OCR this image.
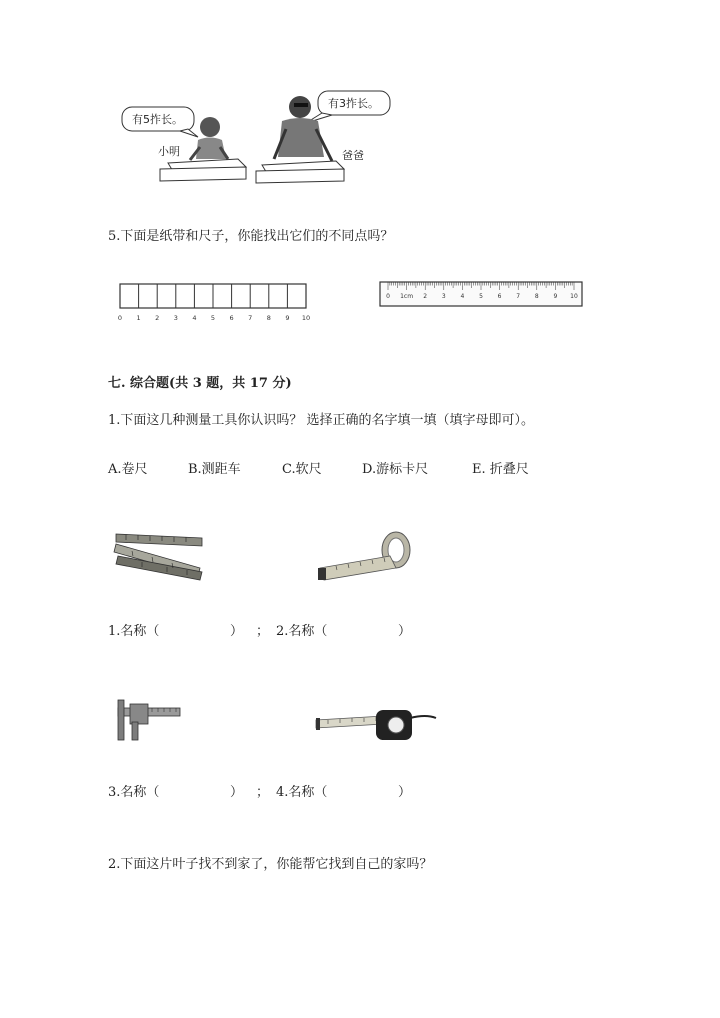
有5拃长。
小明
有3拃长。
爸爸
5.下面是纸带和尺子，你能找出它们的不同点吗？
0 1 2 3 4 5 6 7 8 9 10
0	2 3 4 5 6 7 8 9 10
1cm
七. 综合题(共 3 题，共 17 分)
1.下面这几种测量工具你认识吗？ 选择正确的名字填一填（填字母即可）。
A.卷尺	B.测距车	C.软尺	D.游标卡尺	E. 折叠尺
1.名称（	） ； 2.名称（	）
3.名称（	） ； 4.名称（	）
2.下面这片叶子找不到家了，你能帮它找到自己的家吗？
